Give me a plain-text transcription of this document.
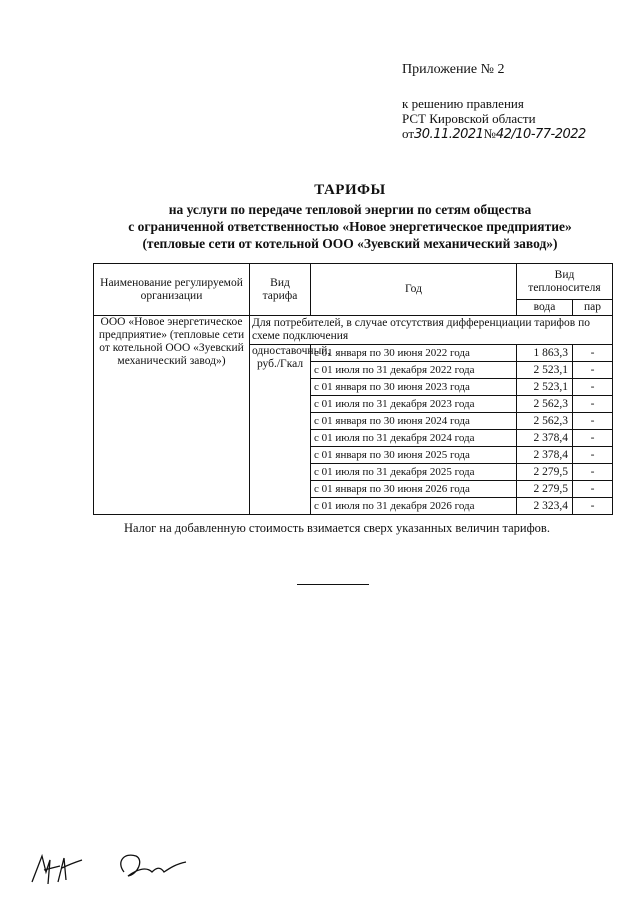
Приложение № 2
к решению правления
РСТ Кировской области
от30.11.2021№42/10-77-2022
ТАРИФЫ
на услуги по передаче тепловой энергии по сетям общества
с ограниченной ответственностью «Новое энергетическое предприятие»
(тепловые сети от котельной ООО «Зуевский механический завод»)
Наименование регулируемой организации	Вид тарифа	Год	Вид теплоносителя	
			вода	пар
ООО «Новое энергетическое предприятие» (тепловые сети от котельной ООО «Зуевский механический завод»)	Для потребителей, в случае отсутствия дифференциации тарифов по схеме подключения			
	одноставочный, руб./Гкал	с 01 января по 30 июня 2022 года	1 863,3	-
		с 01 июля по 31 декабря 2022 года	2 523,1	-
		с 01 января по 30 июня 2023 года	2 523,1	-
		с 01 июля по 31 декабря 2023 года	2 562,3	-
		с 01 января по 30 июня 2024 года	2 562,3	-
		с 01 июля по 31 декабря 2024 года	2 378,4	-
		с 01 января по 30 июня 2025 года	2 378,4	-
		с 01 июля по 31 декабря 2025 года	2 279,5	-
		с 01 января по 30 июня 2026 года	2 279,5	-
		с 01 июля по 31 декабря 2026 года	2 323,4	-
Налог на добавленную стоимость взимается сверх указанных величин тарифов.
